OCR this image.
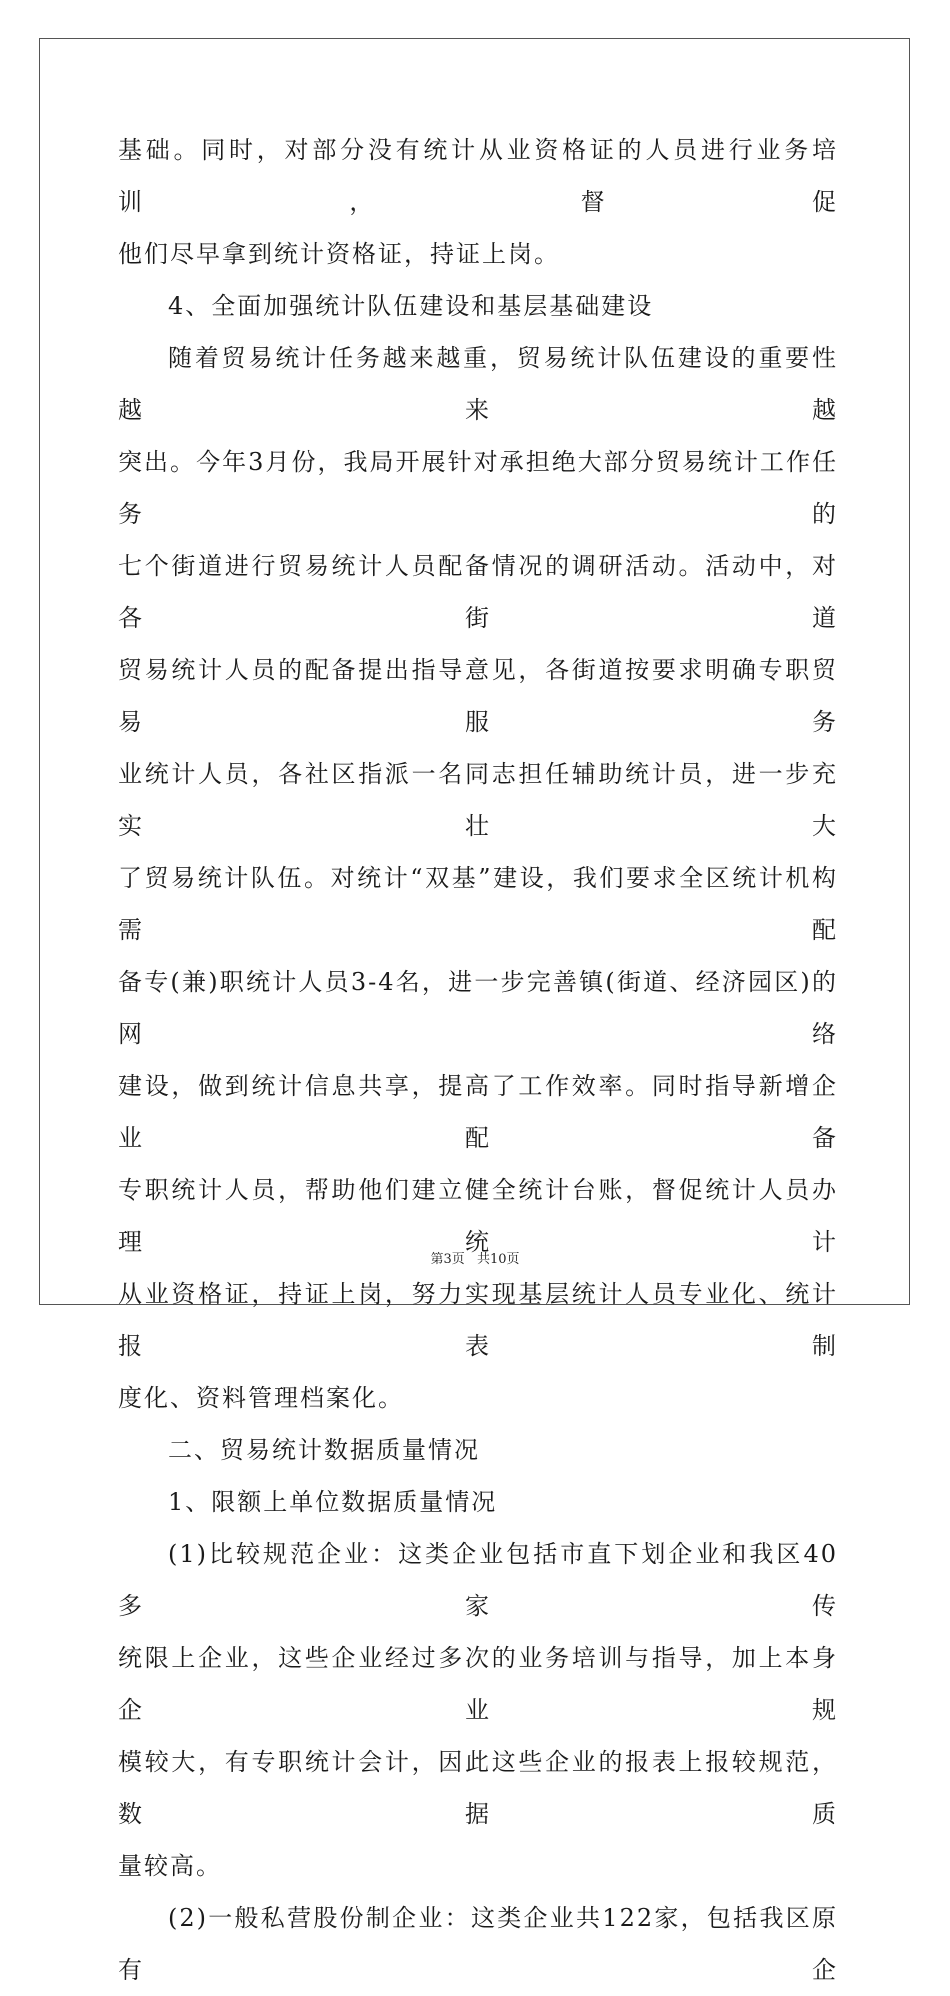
基础。同时，对部分没有统计从业资格证的人员进行业务培训，督促

他们尽早拿到统计资格证，持证上岗。

4、全面加强统计队伍建设和基层基础建设

随着贸易统计任务越来越重，贸易统计队伍建设的重要性越来越

突出。今年3月份，我局开展针对承担绝大部分贸易统计工作任务的

七个街道进行贸易统计人员配备情况的调研活动。活动中，对各街道

贸易统计人员的配备提出指导意见，各街道按要求明确专职贸易服务

业统计人员，各社区指派一名同志担任辅助统计员，进一步充实壮大

了贸易统计队伍。对统计“双基”建设，我们要求全区统计机构需配

备专(兼)职统计人员3-4名，进一步完善镇(街道、经济园区)的网络

建设，做到统计信息共享，提高了工作效率。同时指导新增企业配备

专职统计人员，帮助他们建立健全统计台账，督促统计人员办理统计

从业资格证，持证上岗，努力实现基层统计人员专业化、统计报表制

度化、资料管理档案化。

二、贸易统计数据质量情况

1、限额上单位数据质量情况

(1)比较规范企业：这类企业包括市直下划企业和我区40多家传

统限上企业，这些企业经过多次的业务培训与指导，加上本身企业规

模较大，有专职统计会计，因此这些企业的报表上报较规范，数据质

量较高。

(2)一般私营股份制企业：这类企业共122家，包括我区原有企

第3页 共10页
